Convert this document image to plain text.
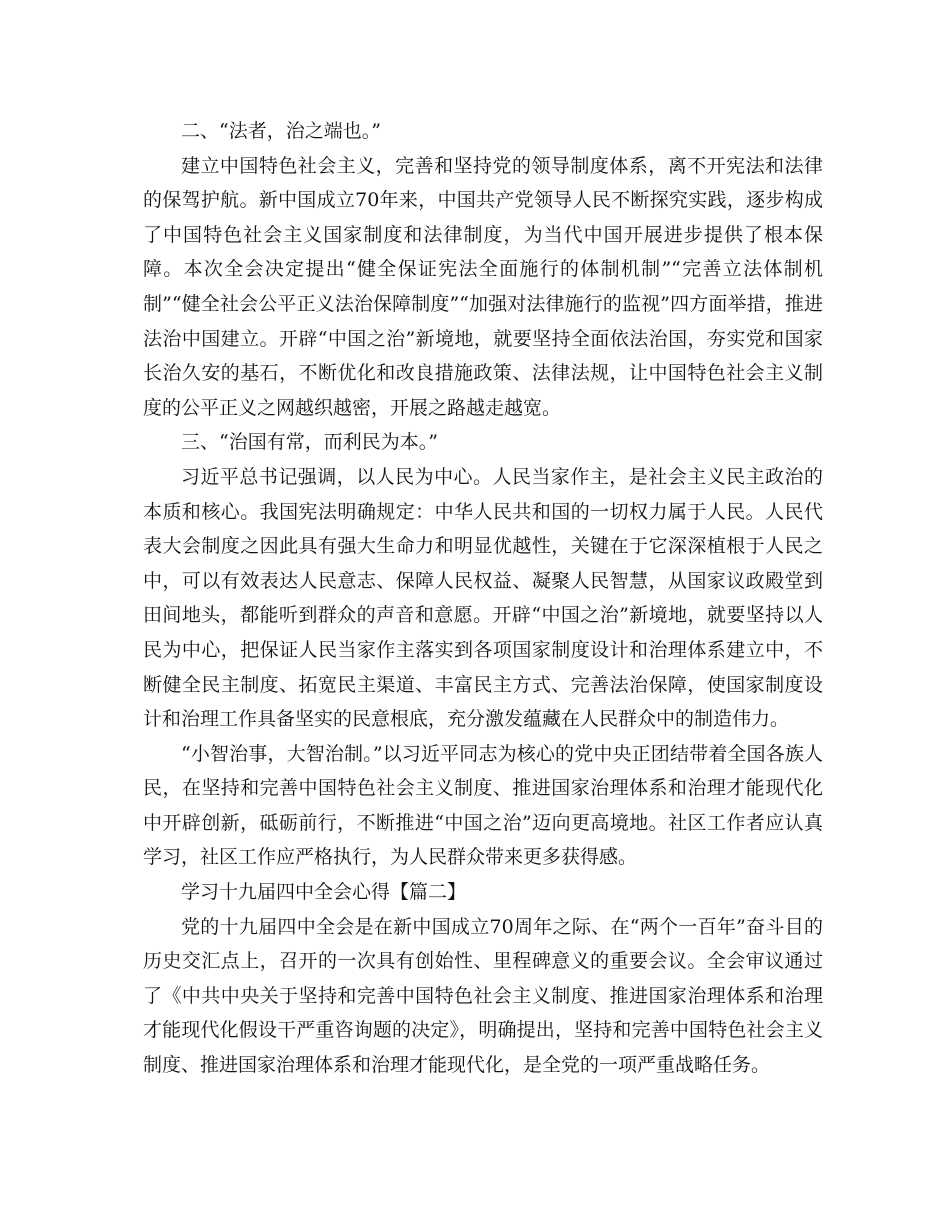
二、“法者，治之端也。”

建立中国特色社会主义，完善和坚持党的领导制度体系，离不开宪法和法律的保驾护航。新中国成立70年来，中国共产党领导人民不断探究实践，逐步构成了中国特色社会主义国家制度和法律制度，为当代中国开展进步提供了根本保障。本次全会决定提出“健全保证宪法全面施行的体制机制”“完善立法体制机制”“健全社会公平正义法治保障制度”“加强对法律施行的监视”四方面举措，推进法治中国建立。开辟“中国之治”新境地，就要坚持全面依法治国，夯实党和国家长治久安的基石，不断优化和改良措施政策、法律法规，让中国特色社会主义制度的公平正义之网越织越密，开展之路越走越宽。

三、“治国有常，而利民为本。”

习近平总书记强调，以人民为中心。人民当家作主，是社会主义民主政治的本质和核心。我国宪法明确规定：中华人民共和国的一切权力属于人民。人民代表大会制度之因此具有强大生命力和明显优越性，关键在于它深深植根于人民之中，可以有效表达人民意志、保障人民权益、凝聚人民智慧，从国家议政殿堂到田间地头，都能听到群众的声音和意愿。开辟“中国之治”新境地，就要坚持以人民为中心，把保证人民当家作主落实到各项国家制度设计和治理体系建立中，不断健全民主制度、拓宽民主渠道、丰富民主方式、完善法治保障，使国家制度设计和治理工作具备坚实的民意根底，充分激发蕴藏在人民群众中的制造伟力。

“小智治事，大智治制。”以习近平同志为核心的党中央正团结带着全国各族人民，在坚持和完善中国特色社会主义制度、推进国家治理体系和治理才能现代化中开辟创新，砥砺前行，不断推进“中国之治”迈向更高境地。社区工作者应认真学习，社区工作应严格执行，为人民群众带来更多获得感。

学习十九届四中全会心得【篇二】

党的十九届四中全会是在新中国成立70周年之际、在“两个一百年”奋斗目的历史交汇点上，召开的一次具有创始性、里程碑意义的重要会议。全会审议通过了《中共中央关于坚持和完善中国特色社会主义制度、推进国家治理体系和治理才能现代化假设干严重咨询题的决定》，明确提出，坚持和完善中国特色社会主义制度、推进国家治理体系和治理才能现代化，是全党的一项严重战略任务。
